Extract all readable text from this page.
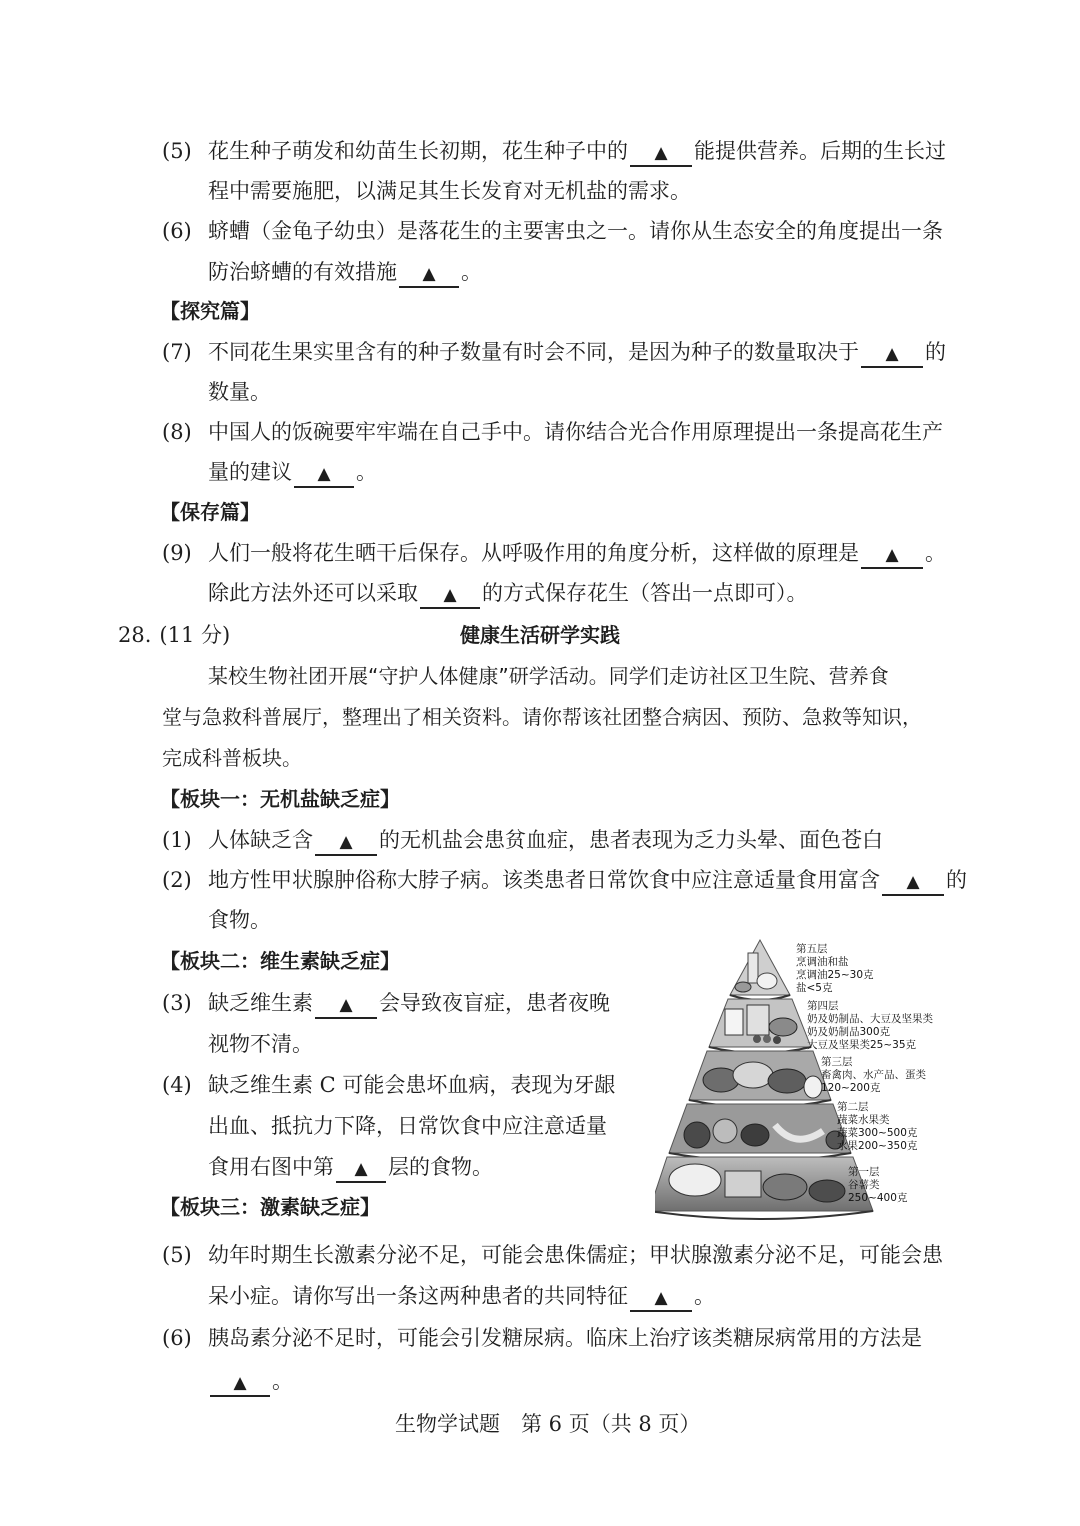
(5) 花生种子萌发和幼苗生长初期，花生种子中的 ▲ 能提供营养。后期的生长过
程中需要施肥，以满足其生长发育对无机盐的需求。
(6) 蛴螬（金龟子幼虫）是落花生的主要害虫之一。请你从生态安全的角度提出一条
防治蛴螬的有效措施 ▲ 。
【探究篇】
(7) 不同花生果实里含有的种子数量有时会不同，是因为种子的数量取决于 ▲ 的
数量。
(8) 中国人的饭碗要牢牢端在自己手中。请你结合光合作用原理提出一条提高花生产
量的建议 ▲ 。
【保存篇】
(9) 人们一般将花生晒干后保存。从呼吸作用的角度分析，这样做的原理是 ▲ 。
除此方法外还可以采取 ▲ 的方式保存花生（答出一点即可）。
28. (11 分)	健康生活研学实践
某校生物社团开展“守护人体健康”研学活动。同学们走访社区卫生院、营养食
堂与急救科普展厅，整理出了相关资料。请你帮该社团整合病因、预防、急救等知识，
完成科普板块。
【板块一：无机盐缺乏症】
(1) 人体缺乏含 ▲ 的无机盐会患贫血症，患者表现为乏力头晕、面色苍白
(2) 地方性甲状腺肿俗称大脖子病。该类患者日常饮食中应注意适量食用富含 ▲ 的
食物。
【板块二：维生素缺乏症】
(3) 缺乏维生素 ▲ 会导致夜盲症，患者夜晚
视物不清。
(4) 缺乏维生素 C 可能会患坏血病，表现为牙龈
出血、抵抗力下降，日常饮食中应注意适量
食用右图中第 ▲ 层的食物。
【板块三：激素缺乏症】
(5) 幼年时期生长激素分泌不足，可能会患侏儒症；甲状腺激素分泌不足，可能会患
呆小症。请你写出一条这两种患者的共同特征 ▲ 。
(6) 胰岛素分泌不足时，可能会引发糖尿病。临床上治疗该类糖尿病常用的方法是
▲ 。
第五层
烹调油和盐
烹调油25~30克
盐<5克
第四层
奶及奶制品、大豆及坚果类
奶及奶制品300克
大豆及坚果类25~35克
第三层
畜禽肉、水产品、蛋类
120~200克
第二层
蔬菜水果类
蔬菜300~500克
水果200~350克
第一层
谷薯类
250~400克
生物学试题　第 6 页（共 8 页）
